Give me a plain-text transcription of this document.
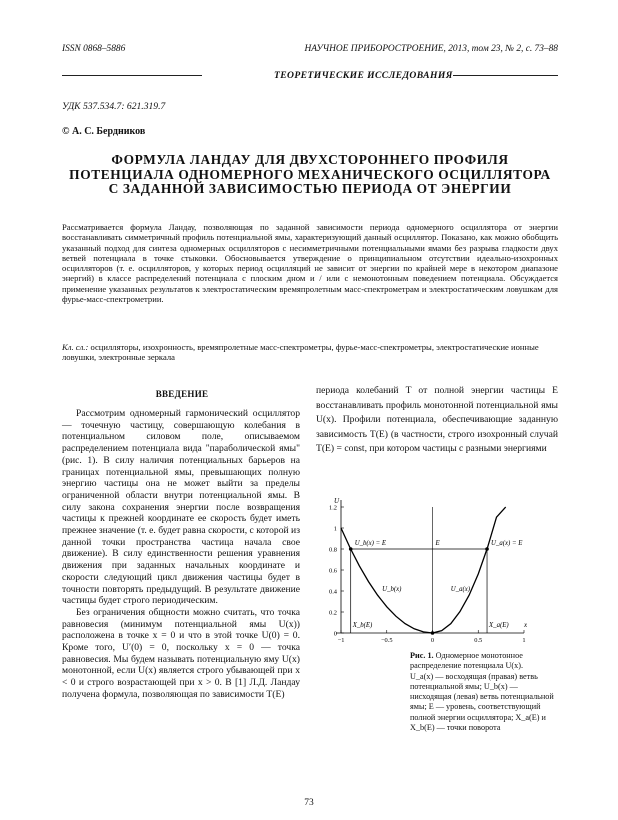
ISSN 0868–5886	НАУЧНОЕ ПРИБОРОСТРОЕНИЕ, 2013, том 23, № 2, с. 73–88
ТЕОРЕТИЧЕСКИЕ ИССЛЕДОВАНИЯ
УДК 537.534.7: 621.319.7
© А. С. Бердников
ФОРМУЛА ЛАНДАУ ДЛЯ ДВУХСТОРОННЕГО ПРОФИЛЯ
ПОТЕНЦИАЛА ОДНОМЕРНОГО МЕХАНИЧЕСКОГО ОСЦИЛЛЯТОРА
С ЗАДАННОЙ ЗАВИСИМОСТЬЮ ПЕРИОДА ОТ ЭНЕРГИИ
Рассматривается формула Ландау, позволяющая по заданной зависимости периода одномерного осциллятора от энергии восстанавливать симметричный профиль потенциальной ямы, характеризующий данный осциллятор. Показано, как можно обобщить указанный подход для синтеза одномерных осцилляторов с несимметричными потенциальными ямами без разрыва гладкости двух ветвей потенциала в точке стыковки. Обосновывается утверждение о принципиальном отсутствии идеально-изохронных осцилляторов (т. е. осцилляторов, у которых период осцилляций не зависит от энергии по крайней мере в некотором диапазоне энергий) в классе распределений потенциала с плоским дном и / или с немонотонным поведением потенциала. Обсуждается применение указанных результатов к электростатическим времяпролетным масс-спектрометрам и электростатическим ловушкам для фурье-масс-спектрометрии.
Кл. сл.: осцилляторы, изохронность, времяпролетные масс-спектрометры, фурье-масс-спектрометры, электростатические ионные ловушки, электронные зеркала
ВВЕДЕНИЕ

Рассмотрим одномерный гармонический осциллятор — точечную частицу, совершающую колебания в потенциальном силовом поле, описываемом распределением потенциала вида "параболической ямы" (рис. 1). В силу наличия потенциальных барьеров на границах потенциальной ямы, превышающих полную энергию частицы она не может выйти за пределы ограниченной области внутри потенциальной ямы. В силу закона сохранения энергии после возвращения частицы к прежней координате ее скорость будет иметь прежнее значение (т. е. будет равна скорости, с которой из данной точки пространства частица начала свое движение). В силу единственности решения уравнения движения при заданных начальных координате и скорости следующий цикл движения частицы будет в точности повторять предыдущий. В результате движение частицы будет строго периодическим.

Без ограничения общности можно считать, что точка равновесия (минимум потенциальной ямы U(x)) расположена в точке x = 0 и что в этой точке U(0) = 0. Кроме того, U′(0) = 0, поскольку x = 0 — точка равновесия. Мы будем называть потенциальную яму U(x) монотонной, если U(x) является строго убывающей при x < 0 и строго возрастающей при x > 0. В [1] Л.Д. Ландау получена формула, позволяющая по зависимости T(E)

периода колебаний T от полной энергии частицы E восстанавливать профиль монотонной потенциальной ямы U(x). Профили потенциала, обеспечивающие заданную зависимость T(E) (в частности, строго изохронный случай T(E) = const, при котором частицы с разными энергиями
U
x
0
0.2
0.4
0.6
0.8
1
1.2
−1	−0.5	0	0.5	1
U_b(x) = E	U_a(x) = E
E
U_b(x)	U_a(x)
X_b(E)	X_a(E)
Рис. 1. Одномерное монотонное распределение потенциала U(x).
U_a(x) — восходящая (правая) ветвь потенциальной ямы; U_b(x) — нисходящая (левая) ветвь потенциальной ямы; E — уровень, соответствующий полной энергии осциллятора; X_a(E) и X_b(E) — точки поворота
73
